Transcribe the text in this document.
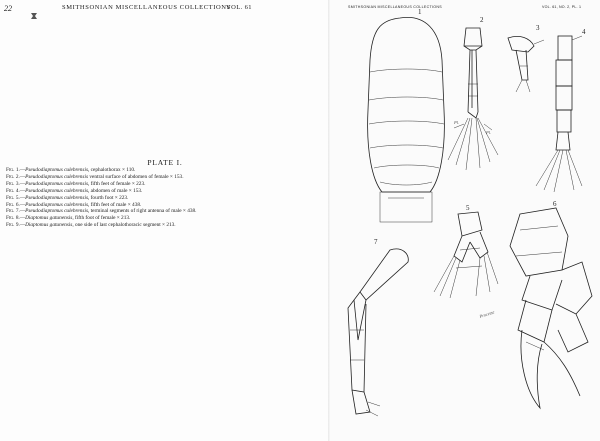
22	SMITHSONIAN MISCELLANEOUS COLLECTIONS
VOL. 61
PLATE I.
Fig. 1.—Pseudodiaptomus culebrensis, cephalothorax × 110.
Fig. 2.—Pseudodiaptomus culebrensis ventral surface of abdomen of female × 153.
Fig. 3.—Pseudodiaptomus culebrensis, fifth feet of female × 223.
Fig. 4.—Pseudodiaptomus culebrensis, abdomen of male × 153.
Fig. 5.—Pseudodiaptomus culebrensis, fourth foot × 223.
Fig. 6.—Pseudodiaptomus culebrensis, fifth feet of male × 438.
Fig. 7.—Pseudodiaptomus culebrensis, terminal segments of right antenna of male × 438.
Fig. 8.—Diaptomus gatunensis, fifth foot of female × 213.
Fig. 9.—Diaptomus gatunensis, one side of last cephalothoracic segment × 213.
SMITHSONIAN MISCELLANEOUS COLLECTIONS	VOL. 61, NO. 2, PL. 1
1
2
Pl.
Pl.
3	4
5
Procetse
6
7
